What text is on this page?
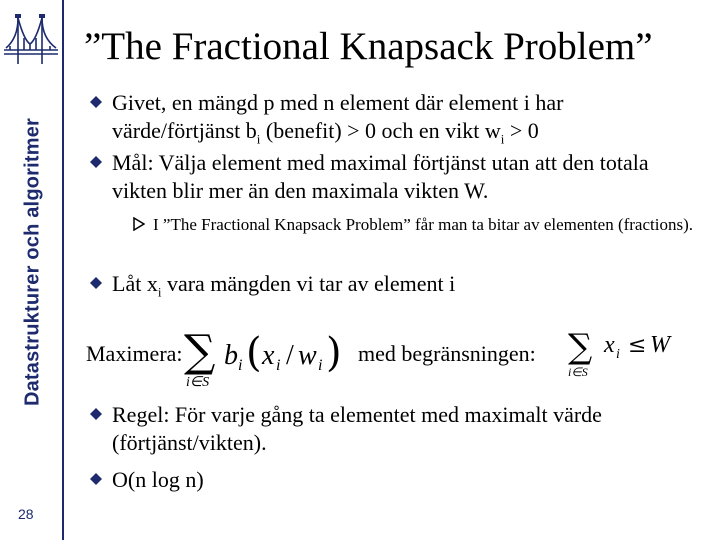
Datastrukturer och algoritmer
28
”The Fractional Knapsack Problem”
Givet, en mängd p med n element där element i har
värde/förtjänst $b_i$ (benefit) > 0 och en vikt $w_i > 0$
Mål: Välja element med maximal förtjänst utan att den totala vikten blir mer än den maximala vikten W.
I ”The Fractional Knapsack Problem” får man ta bitar av elementen (fractions).
Låt $x_i$ vara mängden vi tar av element i
Maximera: ∑
i∈S
b i ( x i / w i ) med begränsningen: ∑
i∈S
x i ≤ W
Regel: För varje gång ta elementet med maximalt värde (förtjänst/vikten).
O(n log n)
